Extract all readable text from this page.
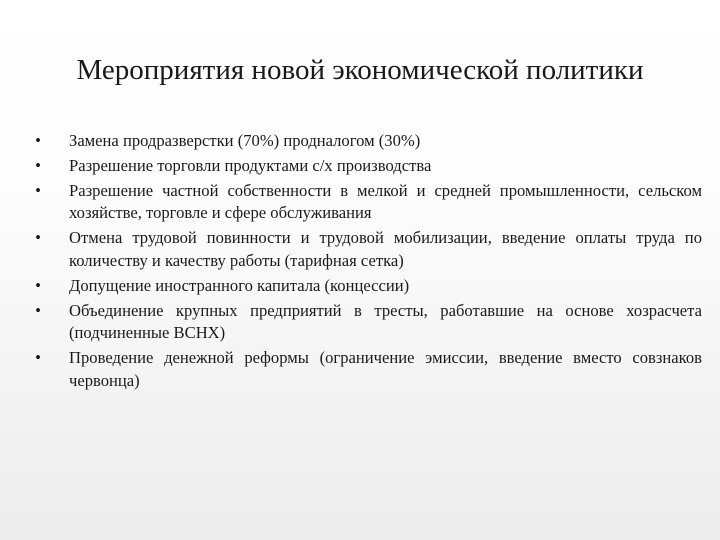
Мероприятия новой экономической политики
• Замена продразверстки (70%) продналогом (30%)
• Разрешение торговли продуктами с/х производства
• Разрешение частной собственности в мелкой и средней промышленности, сельском хозяйстве, торговле и сфере обслуживания
• Отмена трудовой повинности и трудовой мобилизации, введение оплаты труда по количеству и качеству работы (тарифная сетка)
• Допущение иностранного капитала (концессии)
• Объединение крупных предприятий в тресты, работавшие на основе хозрасчета (подчиненные ВСНХ)
• Проведение денежной реформы (ограничение эмиссии, введение вместо совзнаков червонца)
